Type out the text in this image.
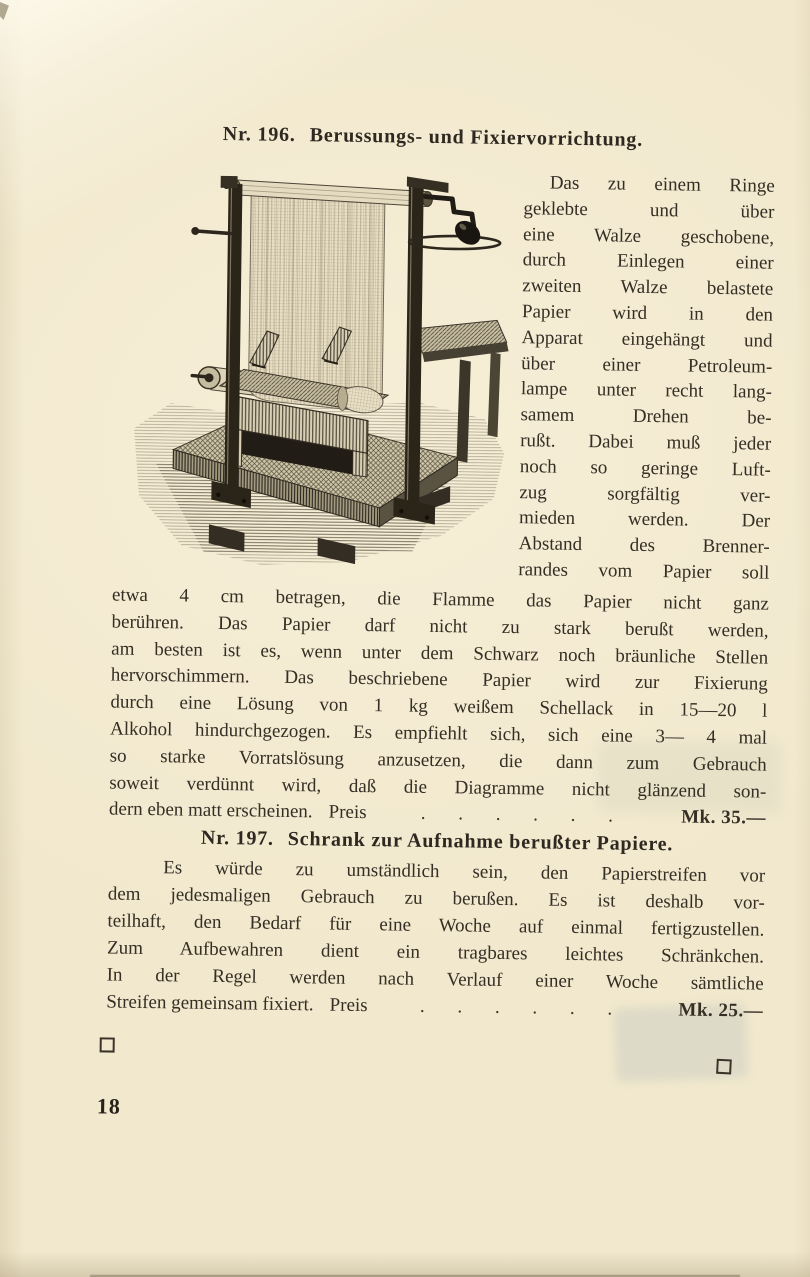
Nr. 196. Berussungs- und Fixiervorrichtung.
Das zu einem Ringe
geklebte und über
eine Walze geschobene,
durch Einlegen einer
zweiten Walze belastete
Papier wird in den
Apparat eingehängt und
über einer Petroleum-
lampe unter recht lang-
samem Drehen be-
rußt. Dabei muß jeder
noch so geringe Luft-
zug sorgfältig ver-
mieden werden. Der
Abstand des Brenner-
randes vom Papier soll
etwa 4 cm betragen, die Flamme das Papier nicht ganz
berühren. Das Papier darf nicht zu stark berußt werden,
am besten ist es, wenn unter dem Schwarz noch bräunliche Stellen
hervorschimmern. Das beschriebene Papier wird zur Fixierung
durch eine Lösung von 1 kg weißem Schellack in 15—20 l
Alkohol hindurchgezogen. Es empfiehlt sich, sich eine 3— 4 mal
so starke Vorratslösung anzusetzen, die dann zum Gebrauch
soweit verdünnt wird, daß die Diagramme nicht glänzend son-
dern eben matt erscheinen. Preis	. . . . . .	Mk. 35.—
Nr. 197. Schrank zur Aufnahme berußter Papiere.
Es würde zu umständlich sein, den Papierstreifen vor
dem jedesmaligen Gebrauch zu berußen. Es ist deshalb vor-
teilhaft, den Bedarf für eine Woche auf einmal fertigzustellen.
Zum Aufbewahren dient ein tragbares leichtes Schränkchen.
In der Regel werden nach Verlauf einer Woche sämtliche
Streifen gemeinsam fixiert. Preis	. . . . . .	Mk. 25.—
18
